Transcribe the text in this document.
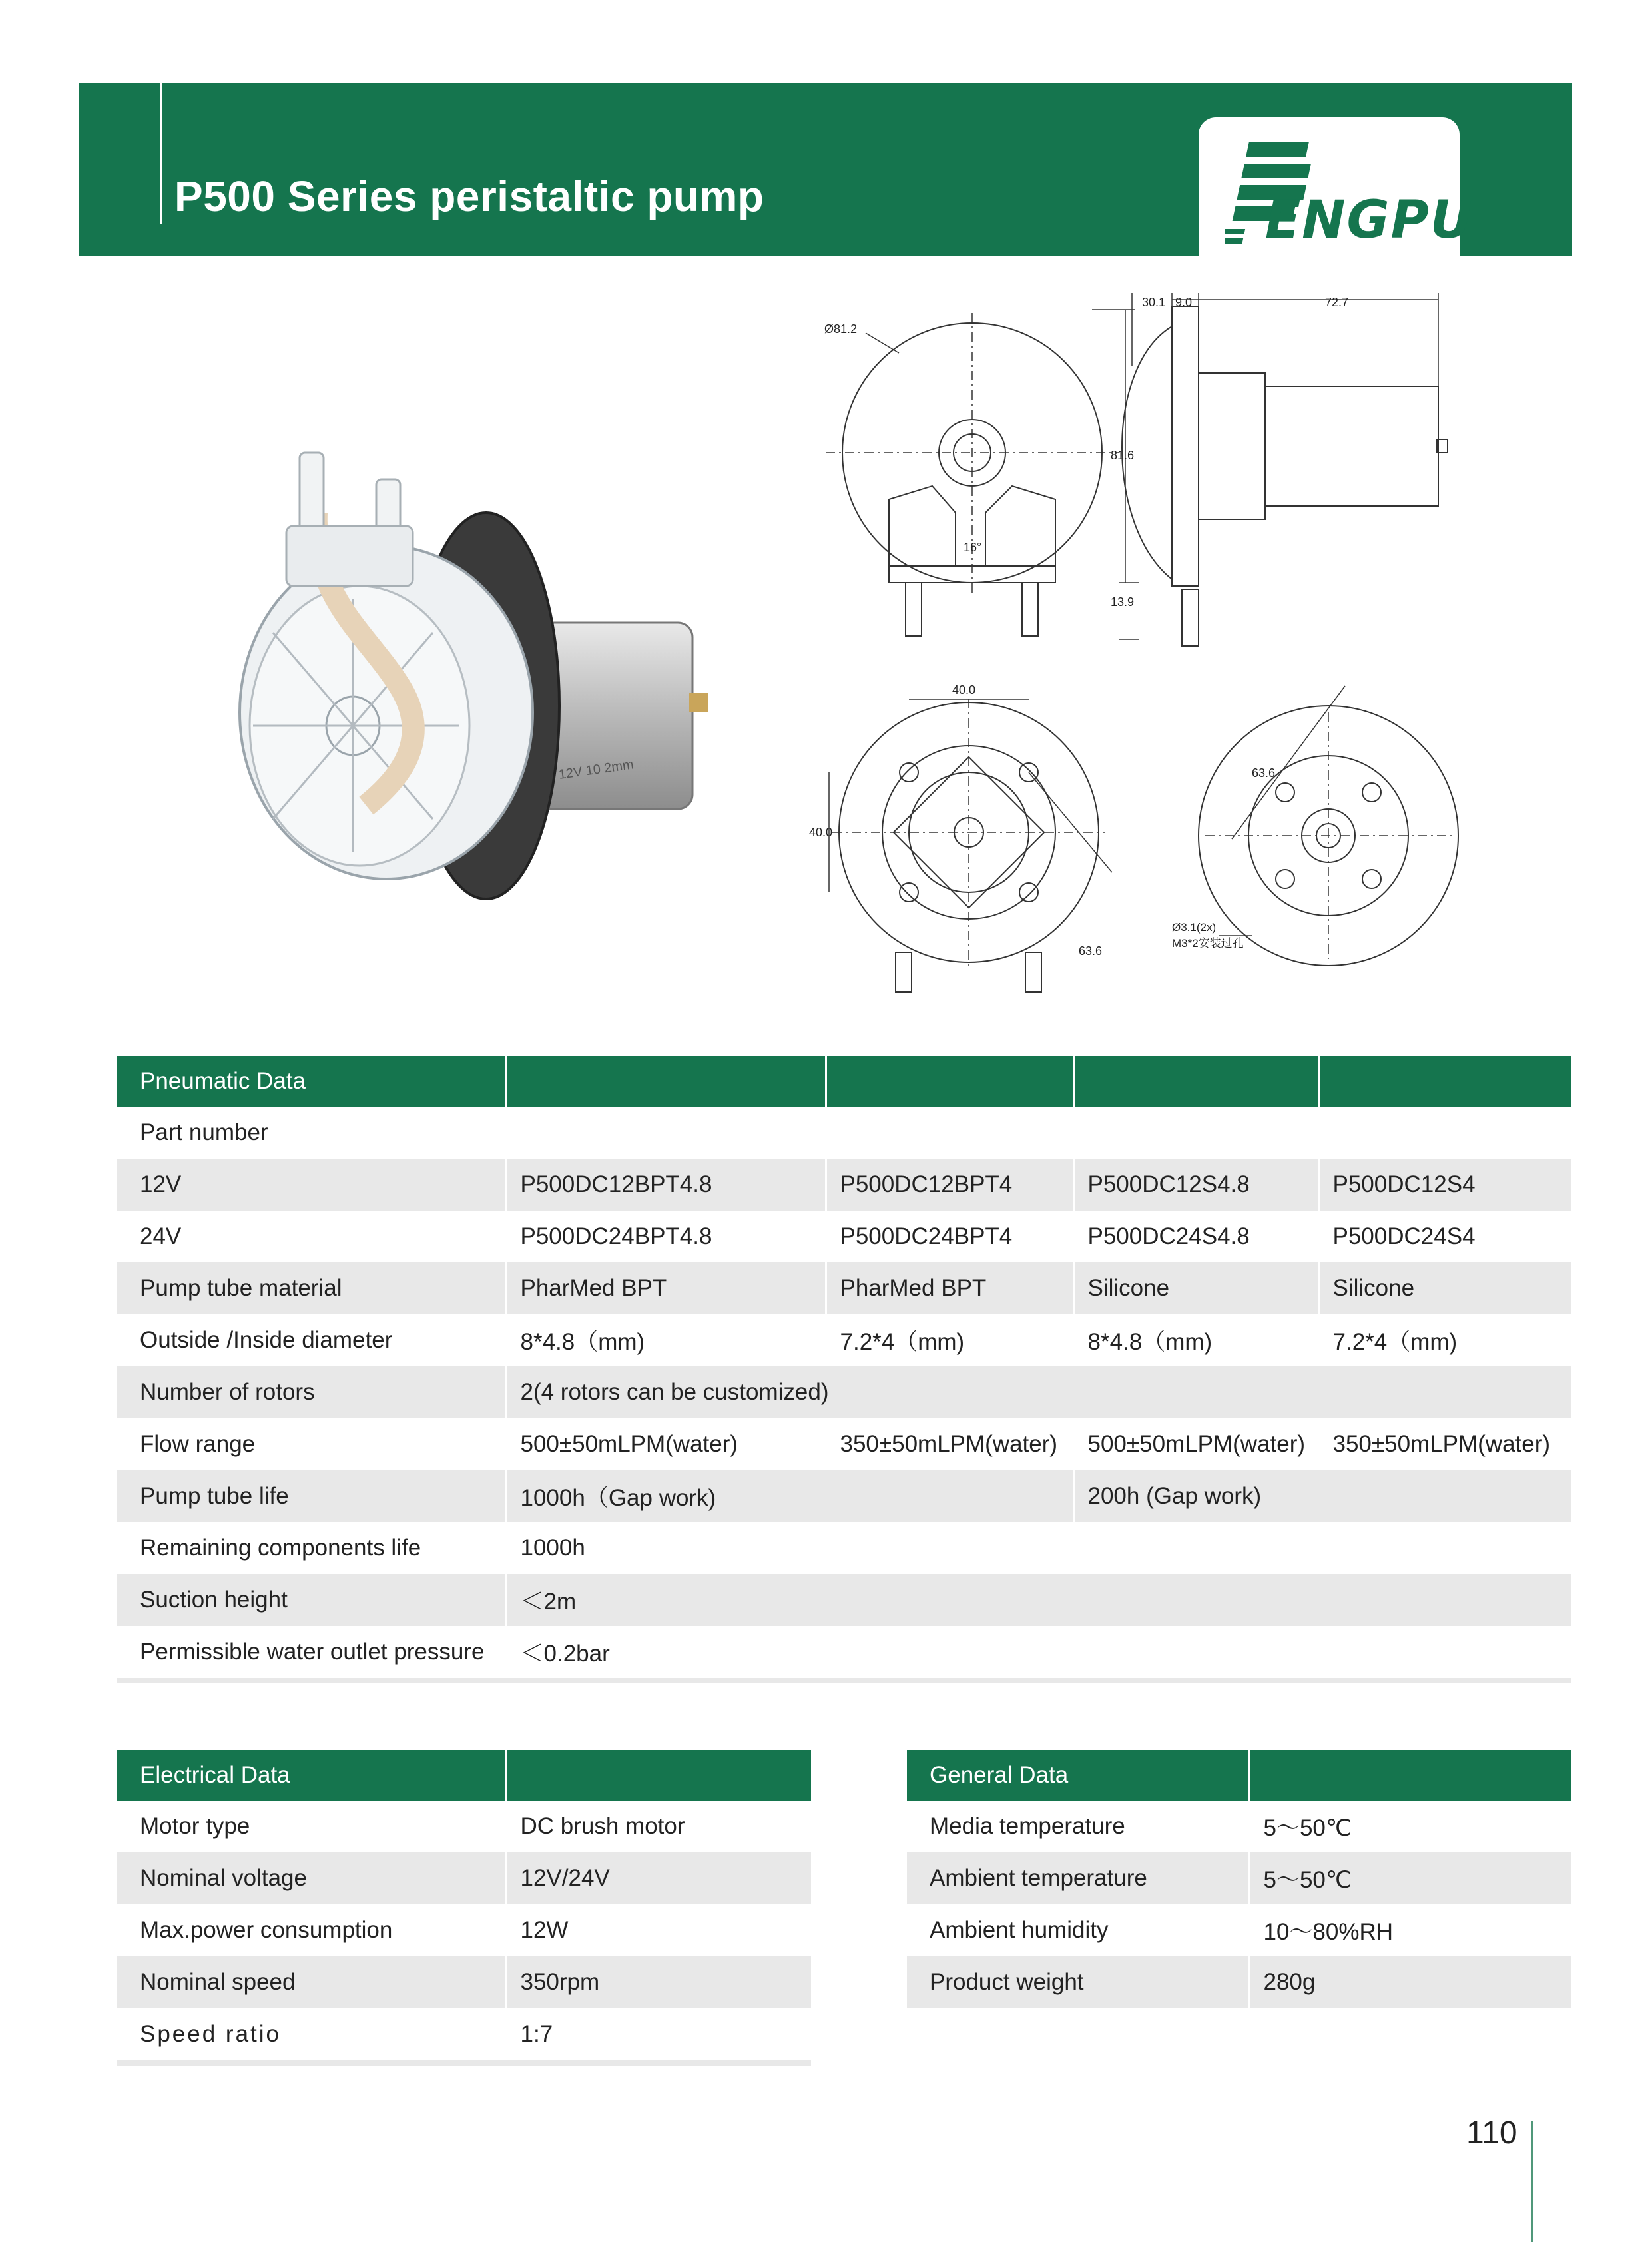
P500 Series peristaltic pump	ENGPU
12V 10 2mm
Ø81.2
81.6
16°
13.9
30.1 9.0	72.7
40.0
40.0
63.6
63.6
Ø3.1(2x)
M3*2安装过孔
Pneumatic Data				
Part number				
12V	P500DC12BPT4.8	P500DC12BPT4	P500DC12S4.8	P500DC12S4
24V	P500DC24BPT4.8	P500DC24BPT4	P500DC24S4.8	P500DC24S4
Pump tube material	PharMed BPT	PharMed BPT	Silicone	Silicone
Outside /Inside diameter	8*4.8（mm)	7.2*4（mm)	8*4.8（mm)	7.2*4（mm)
Number of rotors	2(4 rotors can be customized)			
Flow range	500±50mLPM(water)	350±50mLPM(water)	500±50mLPM(water)	350±50mLPM(water)
Pump tube life	1000h（Gap work)		200h (Gap work)	
Remaining components life	1000h			
Suction height	＜2m			
Permissible water outlet pressure	＜0.2bar			
Electrical Data	
Motor type	DC brush motor
Nominal voltage	12V/24V
Max.power consumption	12W
Nominal speed	350rpm
Speed ratio	1:7
General Data	
Media temperature	5～50℃
Ambient temperature	5～50℃
Ambient humidity	10～80%RH
Product weight	280g
110
